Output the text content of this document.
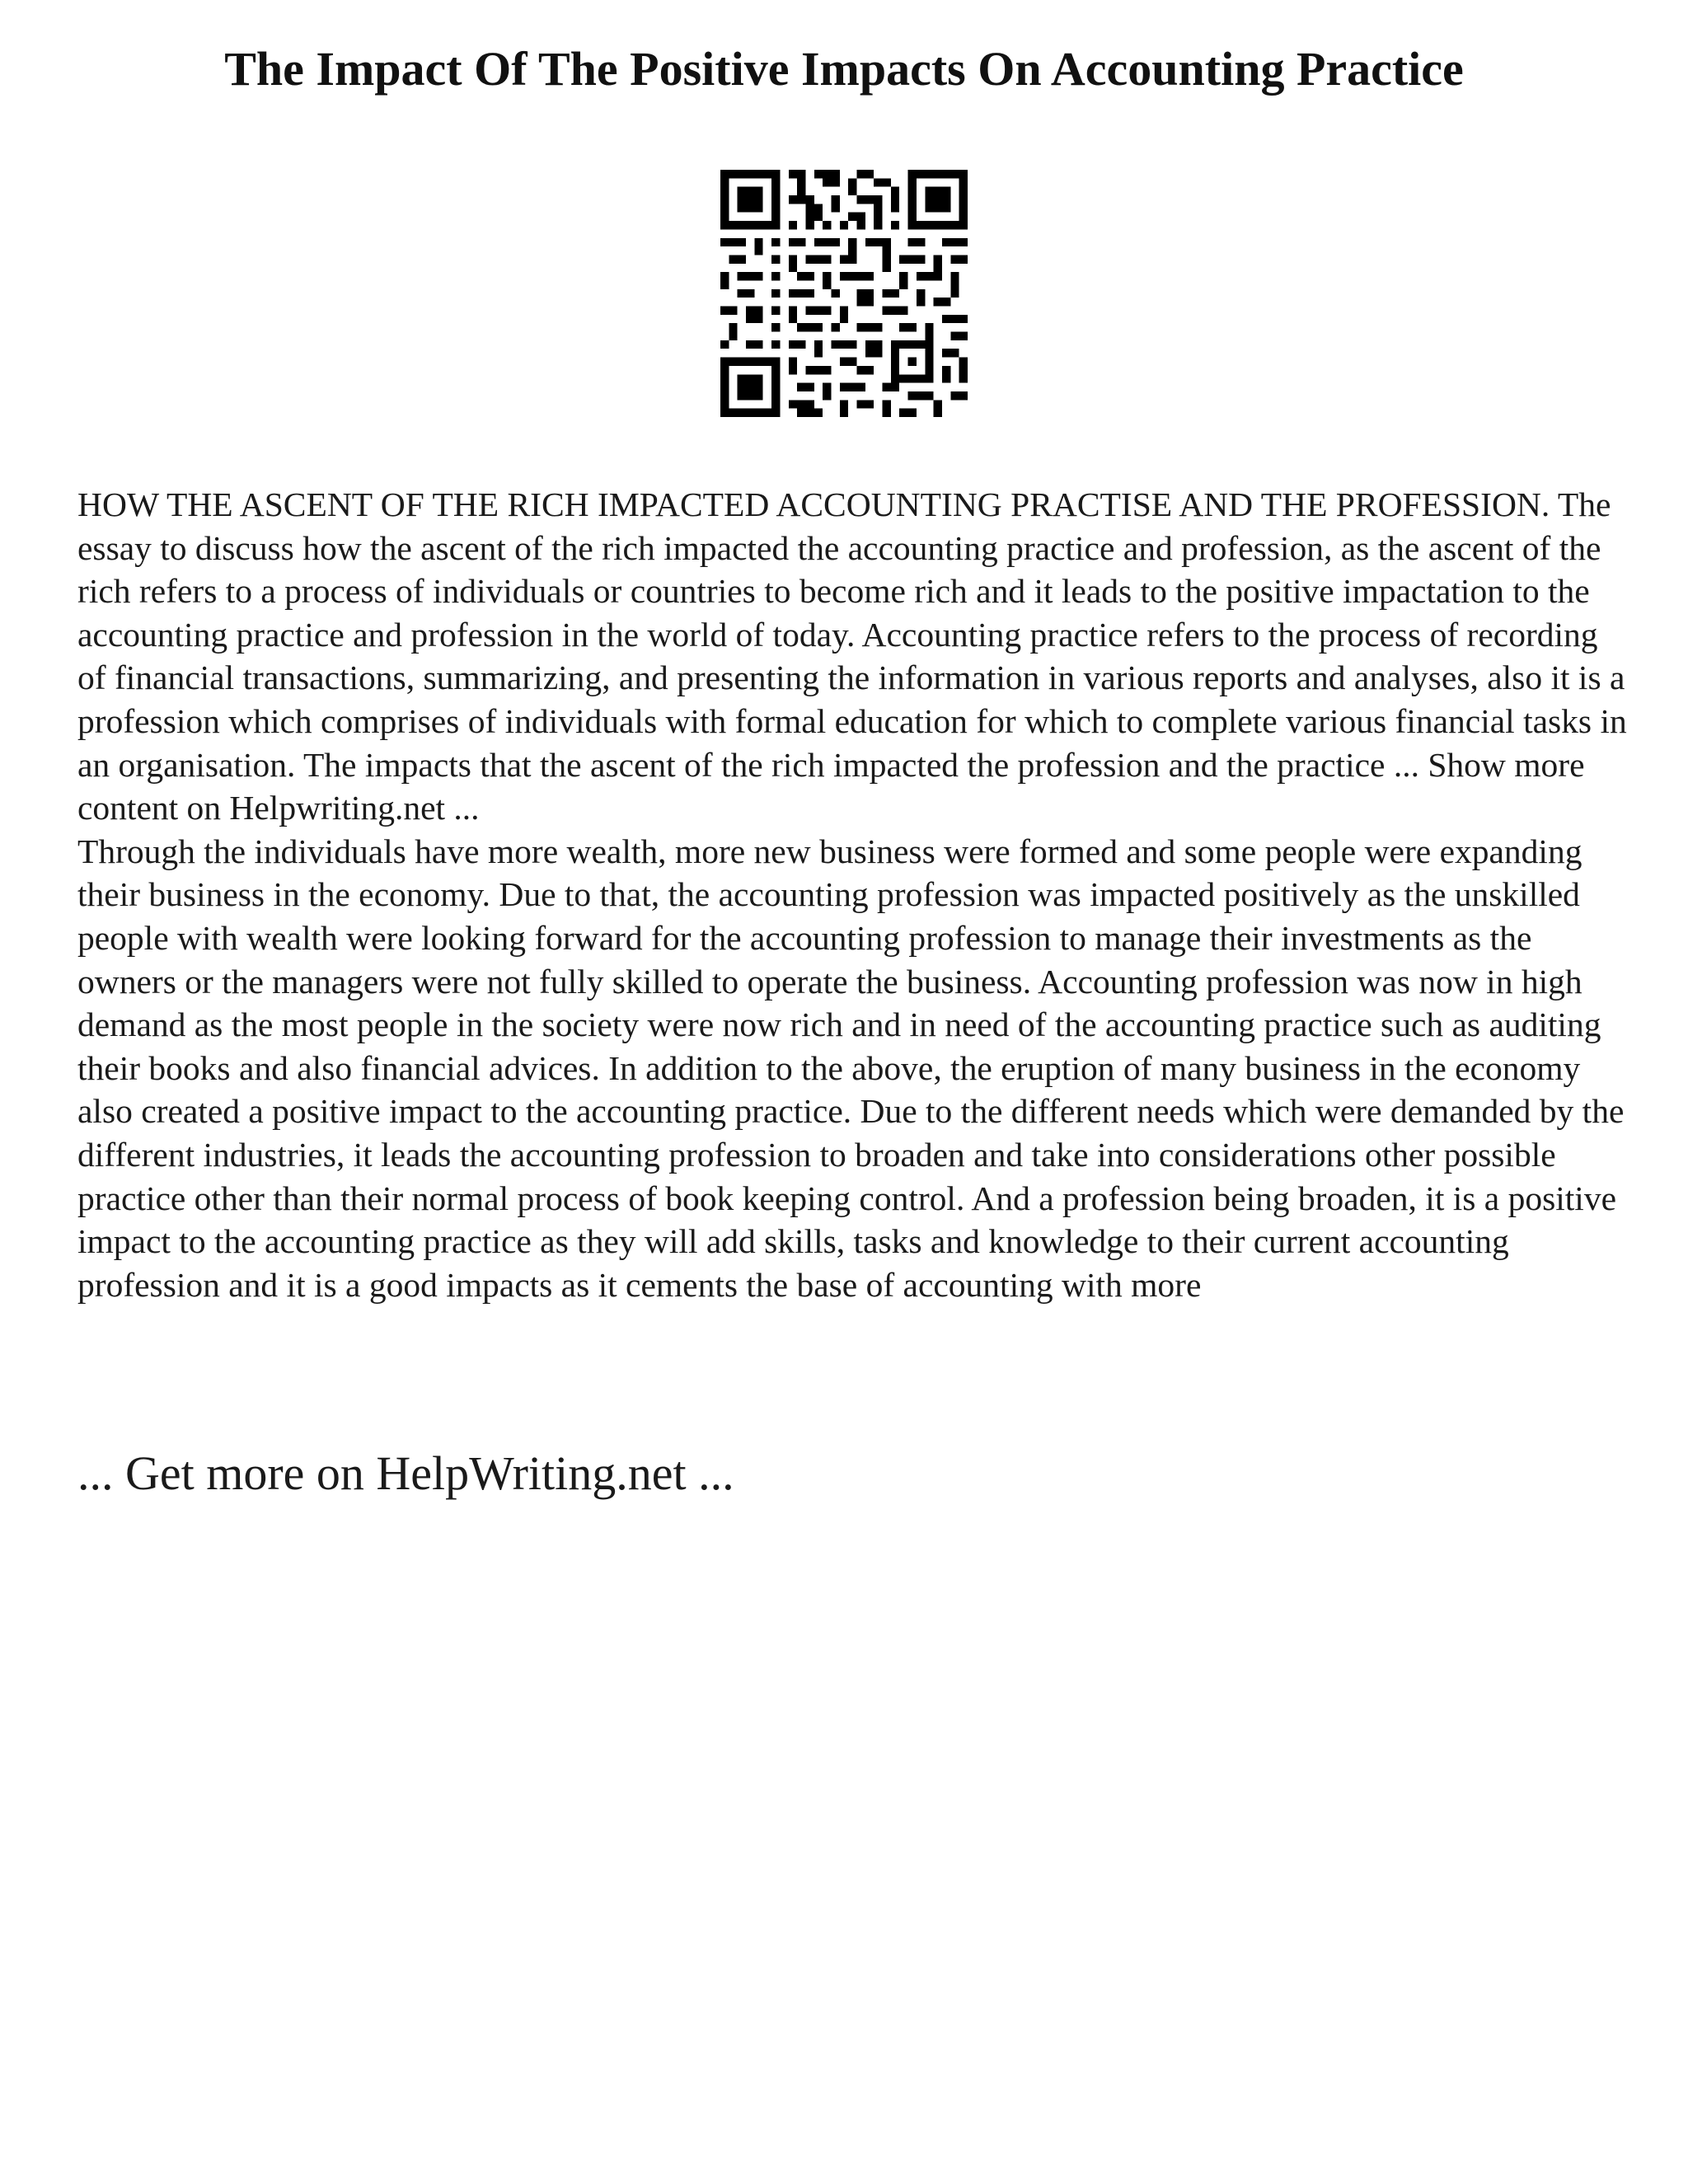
The Impact Of The Positive Impacts On Accounting Practice

HOW THE ASCENT OF THE RICH IMPACTED ACCOUNTING PRACTISE AND THE PROFESSION. The essay to discuss how the ascent of the rich impacted the accounting practice and profession, as the ascent of the rich refers to a process of individuals or countries to become rich and it leads to the positive impactation to the accounting practice and profession in the world of today. Accounting practice refers to the process of recording of financial transactions, summarizing, and presenting the information in various reports and analyses, also it is a profession which comprises of individuals with formal education for which to complete various financial tasks in an organisation. The impacts that the ascent of the rich impacted the profession and the practice ... Show more content on Helpwriting.net ...

Through the individuals have more wealth, more new business were formed and some people were expanding their business in the economy. Due to that, the accounting profession was impacted positively as the unskilled people with wealth were looking forward for the accounting profession to manage their investments as the owners or the managers were not fully skilled to operate the business. Accounting profession was now in high demand as the most people in the society were now rich and in need of the accounting practice such as auditing their books and also financial advices. In addition to the above, the eruption of many business in the economy also created a positive impact to the accounting practice. Due to the different needs which were demanded by the different industries, it leads the accounting profession to broaden and take into considerations other possible practice other than their normal process of book keeping control. And a profession being broaden, it is a positive impact to the accounting practice as they will add skills, tasks and knowledge to their current accounting profession and it is a good impacts as it cements the base of accounting with more

... Get more on HelpWriting.net ...
